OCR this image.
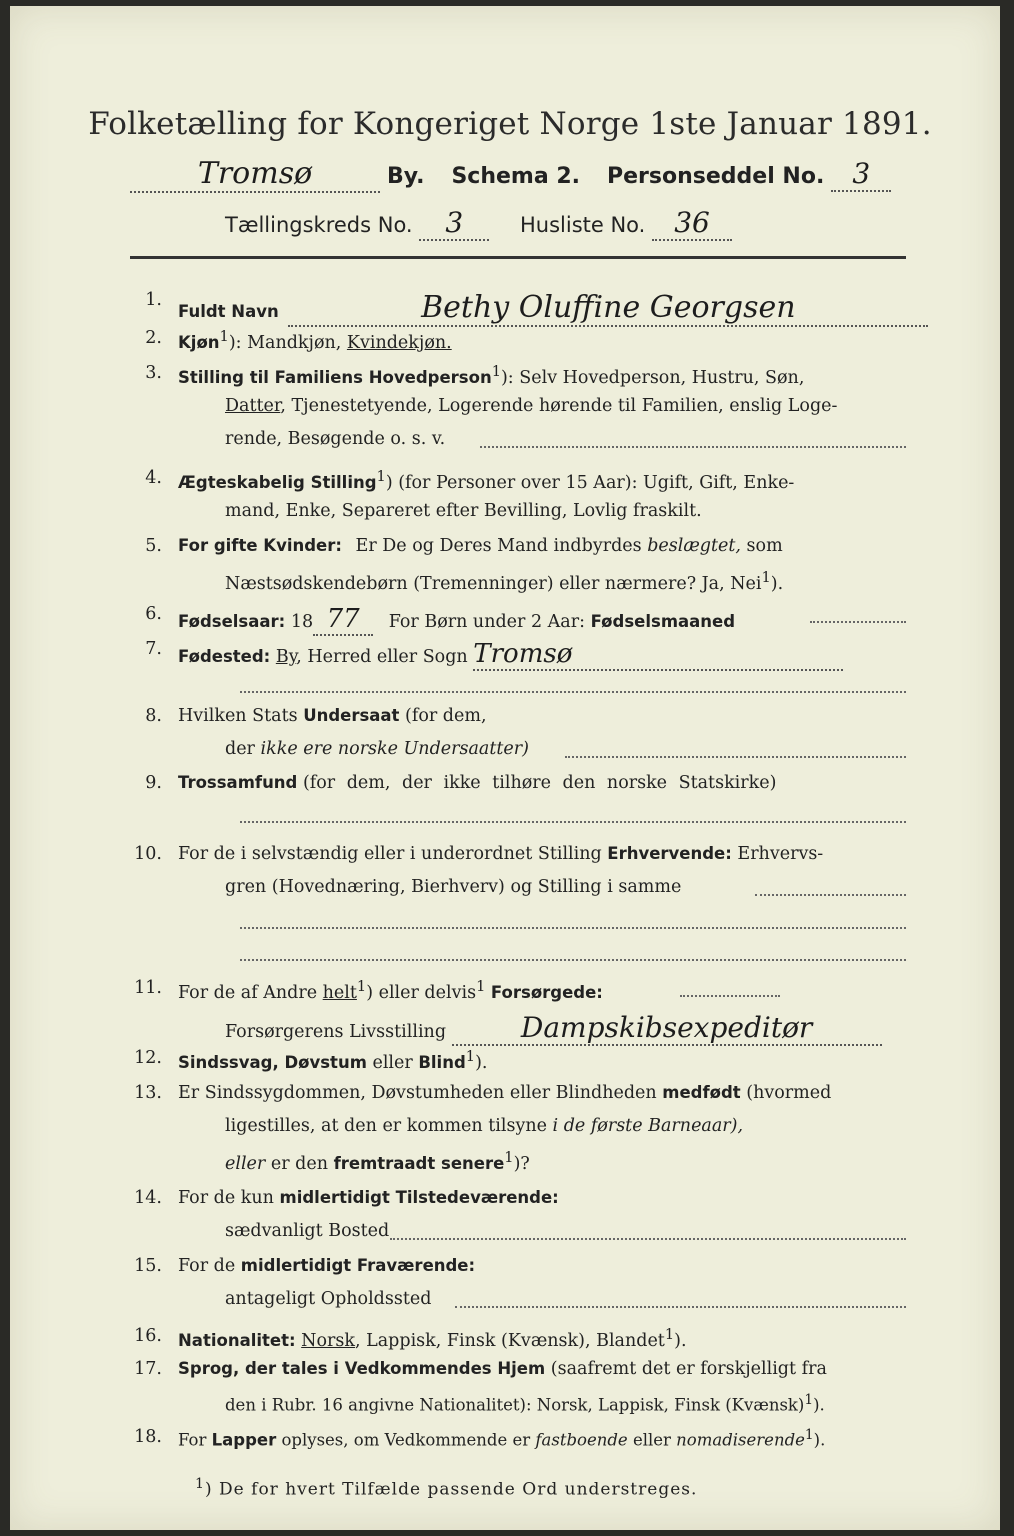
Folketælling for Kongeriget Norge 1ste Januar 1891.
Tromsø	By. Schema 2. Personseddel No. 3
Tællingskreds No. 3	Husliste No. 36
1.
Fuldt Navn	Bethy Oluffine Georgsen
2. Kjøn$^1$): Mandkjøn, Kvindekjøn.
3. Stilling til Familiens Hovedperson$^1$): Selv Hovedperson, Hustru, Søn,
Datter, Tjenestetyende, Logerende hørende til Familien, enslig Loge-
rende, Besøgende o. s. v.
4. Ægteskabelig Stilling$^1$) (for Personer over 15 Aar): Ugift, Gift, Enke-
mand, Enke, Separeret efter Bevilling, Lovlig fraskilt.
5. For gifte Kvinder: Er De og Deres Mand indbyrdes beslægtet, som
Næstsødskendebørn (Tremenninger) eller nærmere? Ja, Nei$^1$).
6. Fødselsaar: 18 77 For Børn under 2 Aar: Fødselsmaaned
7. Fødested: By, Herred eller Sogn Tromsø
8. Hvilken Stats Undersaat (for dem,
der ikke ere norske Undersaatter)
9. Trossamfund (for dem, der ikke tilhøre den norske Statskirke)
10. For de i selvstændig eller i underordnet Stilling Erhvervende: Erhvervs-
gren (Hovednæring, Bierhverv) og Stilling i samme
11. For de af Andre helt$^1$) eller delvis$^1$ Forsørgede:
Forsørgerens Livsstilling	Dampskibsexpeditør
12. Sindssvag, Døvstum eller Blind$^1$).
13. Er Sindssygdommen, Døvstumheden eller Blindheden medfødt (hvormed
ligestilles, at den er kommen tilsyne i de første Barneaar),
eller er den fremtraadt senere$^1$)?
14. For de kun midlertidigt Tilstedeværende:
sædvanligt Bosted
15. For de midlertidigt Fraværende:
antageligt Opholdssted
16. Nationalitet: Norsk, Lappisk, Finsk (Kvænsk), Blandet$^1$).
17. Sprog, der tales i Vedkommendes Hjem (saafremt det er forskjelligt fra
den i Rubr. 16 angivne Nationalitet): Norsk, Lappisk, Finsk (Kvænsk)$^1$).
18. For Lapper oplyses, om Vedkommende er fastboende eller nomadiserende$^1$).
$^1$) De for hvert Tilfælde passende Ord understreges.
